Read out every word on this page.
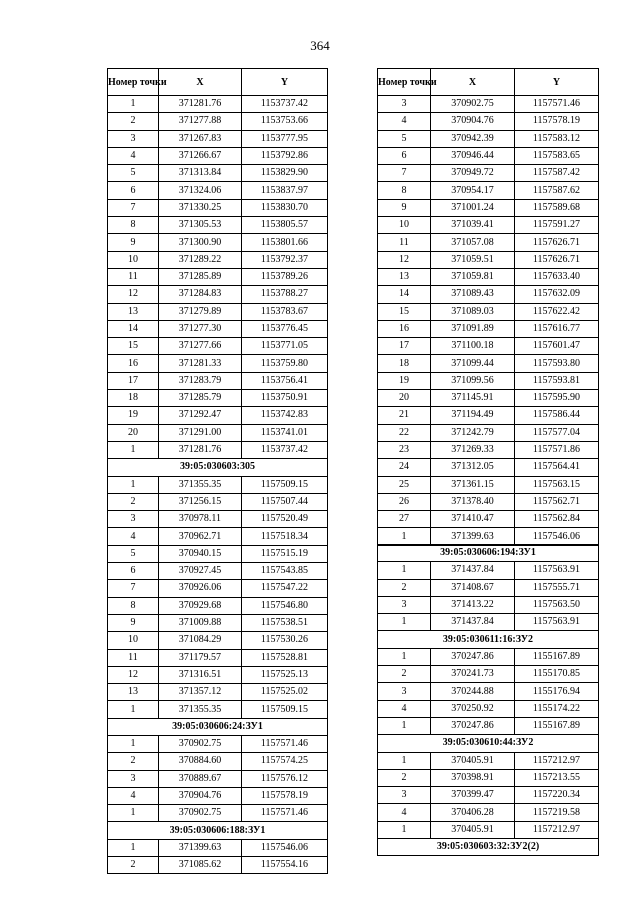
364
Номер точки	X	Y
1	371281.76	1153737.42
2	371277.88	1153753.66
3	371267.83	1153777.95
4	371266.67	1153792.86
5	371313.84	1153829.90
6	371324.06	1153837.97
7	371330.25	1153830.70
8	371305.53	1153805.57
9	371300.90	1153801.66
10	371289.22	1153792.37
11	371285.89	1153789.26
12	371284.83	1153788.27
13	371279.89	1153783.67
14	371277.30	1153776.45
15	371277.66	1153771.05
16	371281.33	1153759.80
17	371283.79	1153756.41
18	371285.79	1153750.91
19	371292.47	1153742.83
20	371291.00	1153741.01
1	371281.76	1153737.42
39:05:030603:305		
1	371355.35	1157509.15
2	371256.15	1157507.44
3	370978.11	1157520.49
4	370962.71	1157518.34
5	370940.15	1157515.19
6	370927.45	1157543.85
7	370926.06	1157547.22
8	370929.68	1157546.80
9	371009.88	1157538.51
10	371084.29	1157530.26
11	371179.57	1157528.81
12	371316.51	1157525.13
13	371357.12	1157525.02
1	371355.35	1157509.15
39:05:030606:24:ЗУ1		
1	370902.75	1157571.46
2	370884.60	1157574.25
3	370889.67	1157576.12
4	370904.76	1157578.19
1	370902.75	1157571.46
39:05:030606:188:ЗУ1		
1	371399.63	1157546.06
2	371085.62	1157554.16
Номер точки	X	Y
3	370902.75	1157571.46
4	370904.76	1157578.19
5	370942.39	1157583.12
6	370946.44	1157583.65
7	370949.72	1157587.42
8	370954.17	1157587.62
9	371001.24	1157589.68
10	371039.41	1157591.27
11	371057.08	1157626.71
12	371059.51	1157626.71
13	371059.81	1157633.40
14	371089.43	1157632.09
15	371089.03	1157622.42
16	371091.89	1157616.77
17	371100.18	1157601.47
18	371099.44	1157593.80
19	371099.56	1157593.81
20	371145.91	1157595.90
21	371194.49	1157586.44
22	371242.79	1157577.04
23	371269.33	1157571.86
24	371312.05	1157564.41
25	371361.15	1157563.15
26	371378.40	1157562.71
27	371410.47	1157562.84
1	371399.63	1157546.06
39:05:030606:194:ЗУ1		
1	371437.84	1157563.91
2	371408.67	1157555.71
3	371413.22	1157563.50
1	371437.84	1157563.91
39:05:030611:16:ЗУ2		
1	370247.86	1155167.89
2	370241.73	1155170.85
3	370244.88	1155176.94
4	370250.92	1155174.22
1	370247.86	1155167.89
39:05:030610:44:ЗУ2		
1	370405.91	1157212.97
2	370398.91	1157213.55
3	370399.47	1157220.34
4	370406.28	1157219.58
1	370405.91	1157212.97
39:05:030603:32:ЗУ2(2)		
